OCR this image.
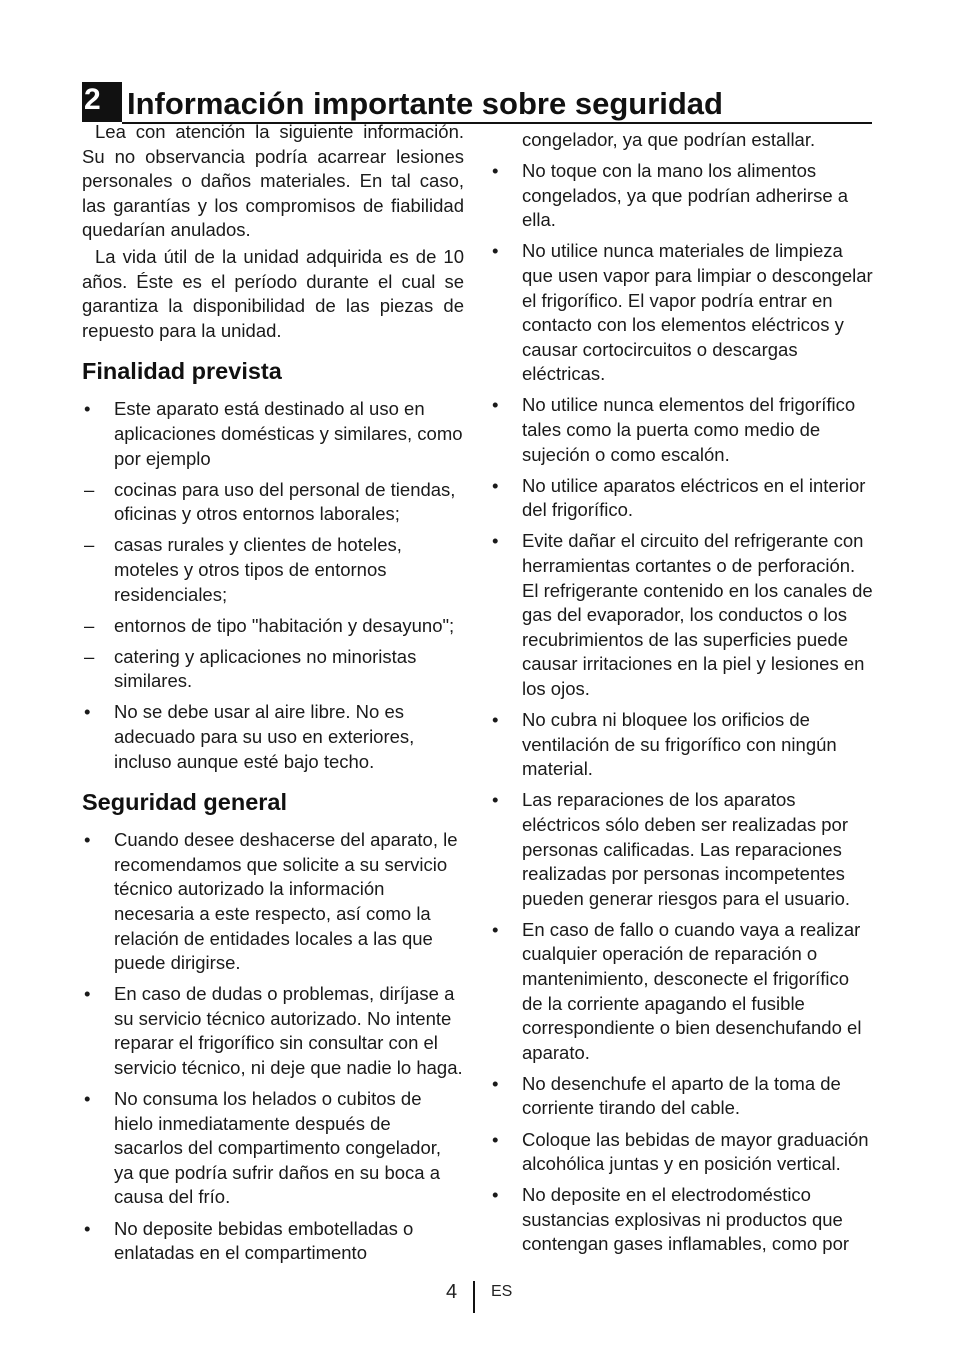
2 Información importante sobre seguridad

Lea con atención la siguiente información. Su no observancia podría acarrear lesiones personales o daños materiales. En tal caso, las garantías y los compromisos de fiabilidad quedarían anulados.

La vida útil de la unidad adquirida es de 10 años. Éste es el período durante el cual se garantiza la disponibilidad de las piezas de repuesto para la unidad.

Finalidad prevista
•	Este aparato está destinado al uso en aplicaciones domésticas y similares, como por ejemplo
–	cocinas para uso del personal de tiendas, oficinas y otros entornos laborales;
–	casas rurales y clientes de hoteles, moteles y otros tipos de entornos residenciales;
–	entornos de tipo "habitación y desayuno";
–	catering y aplicaciones no minoristas similares.
•	No se debe usar al aire libre. No es adecuado para su uso en exteriores, incluso aunque esté bajo techo.
Seguridad general
•	Cuando desee deshacerse del aparato, le recomendamos que solicite a su servicio técnico autorizado la información necesaria a este respecto, así como la relación de entidades locales a las que puede dirigirse.
•	En caso de dudas o problemas, diríjase a su servicio técnico autorizado. No intente reparar el frigorífico sin consultar con el servicio técnico, ni deje que nadie lo haga.
•	No consuma los helados o cubitos de hielo inmediatamente después de sacarlos del compartimento congelador, ya que podría sufrir daños en su boca a causa del frío.
•	No deposite bebidas embotelladas o enlatadas en el compartimento

congelador, ya que podrían estallar.

•	No toque con la mano los alimentos congelados, ya que podrían adherirse a ella.
•	No utilice nunca materiales de limpieza que usen vapor para limpiar o descongelar el frigorífico. El vapor podría entrar en contacto con los elementos eléctricos y causar cortocircuitos o descargas eléctricas.
•	No utilice nunca elementos del frigorífico tales como la puerta como medio de sujeción o como escalón.
•	No utilice aparatos eléctricos en el interior del frigorífico.
•	Evite dañar el circuito del refrigerante con herramientas cortantes o de perforación. El refrigerante contenido en los canales de gas del evaporador, los conductos o los recubrimientos de las superficies puede causar irritaciones en la piel y lesiones en los ojos.
•	No cubra ni bloquee los orificios de ventilación de su frigorífico con ningún material.
•	Las reparaciones de los aparatos eléctricos sólo deben ser realizadas por personas calificadas. Las reparaciones realizadas por personas incompetentes pueden generar riesgos para el usuario.
•	En caso de fallo o cuando vaya a realizar cualquier operación de reparación o mantenimiento, desconecte el frigorífico de la corriente apagando el fusible correspondiente o bien desenchufando el aparato.
•	No desenchufe el aparto de la toma de corriente tirando del cable.
•	Coloque las bebidas de mayor graduación alcohólica juntas y en posición vertical.
•	No deposite en el electrodoméstico sustancias explosivas ni productos que contengan gases inflamables, como por
4 ES
